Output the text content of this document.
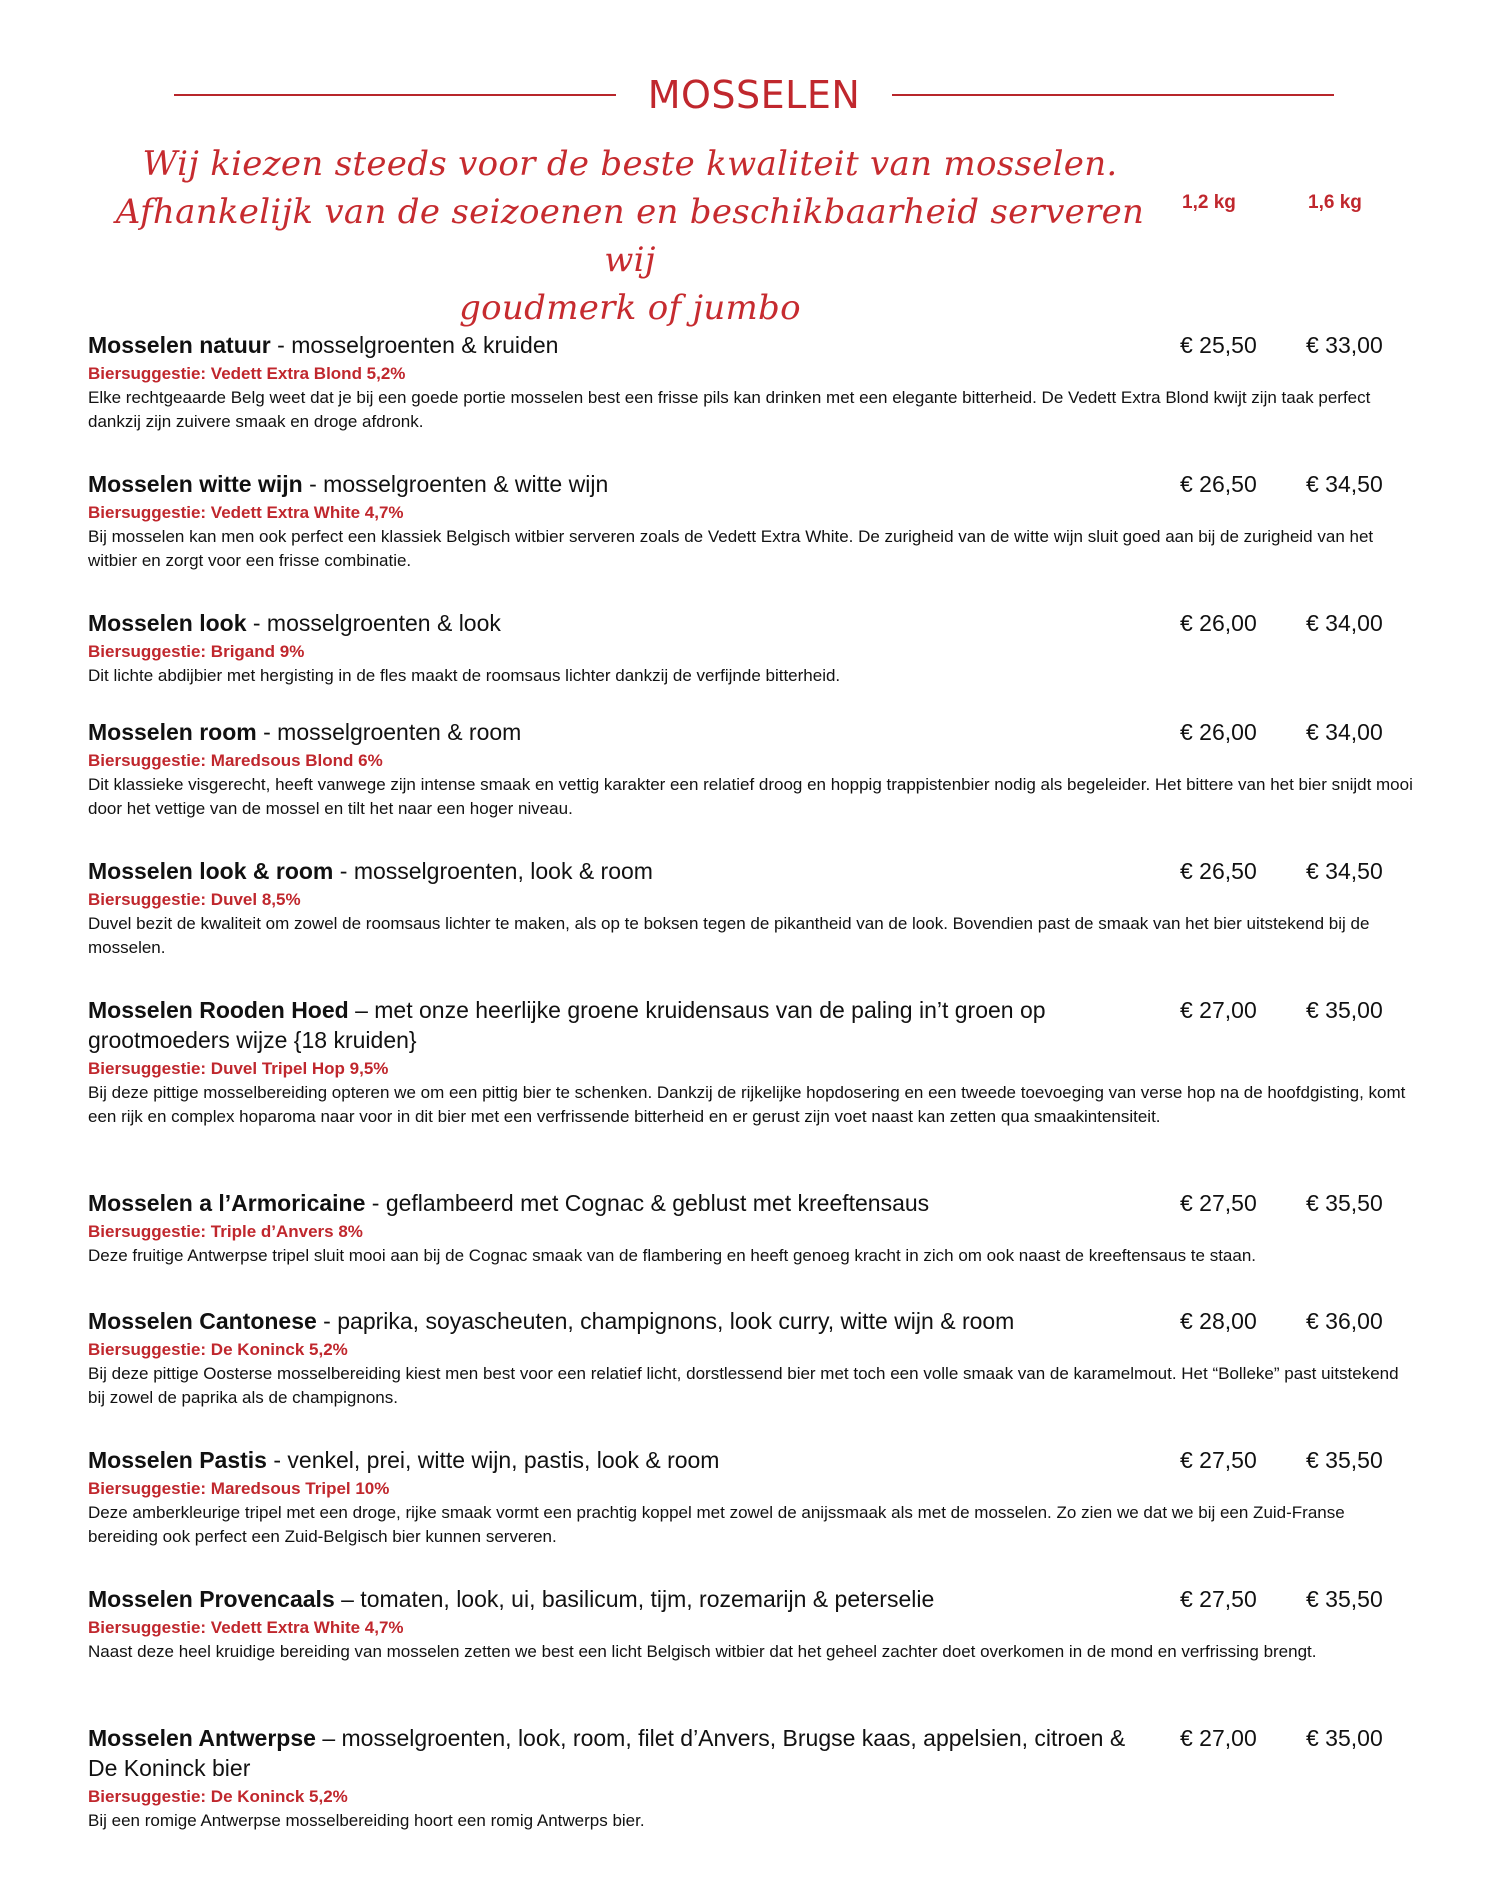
MOSSELEN
Wij kiezen steeds voor de beste kwaliteit van mosselen.
Afhankelijk van de seizoenen en beschikbaarheid serveren wij
goudmerk of jumbo
1,2 kg	1,6 kg
Mosselen natuur - mosselgroenten & kruiden	€ 25,50 € 33,00
Biersuggestie: Vedett Extra Blond 5,2%
Elke rechtgeaarde Belg weet dat je bij een goede portie mosselen best een frisse pils kan drinken met een elegante bitterheid. De Vedett Extra Blond kwijt zijn taak perfect dankzij zijn zuivere smaak en droge afdronk.
Mosselen witte wijn - mosselgroenten & witte wijn	€ 26,50 € 34,50
Biersuggestie: Vedett Extra White 4,7%
Bij mosselen kan men ook perfect een klassiek Belgisch witbier serveren zoals de Vedett Extra White. De zurigheid van de witte wijn sluit goed aan bij de zurigheid van het witbier en zorgt voor een frisse combinatie.
Mosselen look - mosselgroenten & look	€ 26,00 € 34,00
Biersuggestie: Brigand 9%
Dit lichte abdijbier met hergisting in de fles maakt de roomsaus lichter dankzij de verfijnde bitterheid.
Mosselen room - mosselgroenten & room	€ 26,00 € 34,00
Biersuggestie: Maredsous Blond 6%
Dit klassieke visgerecht, heeft vanwege zijn intense smaak en vettig karakter een relatief droog en hoppig trappistenbier nodig als begeleider. Het bittere van het bier snijdt mooi door het vettige van de mossel en tilt het naar een hoger niveau.
Mosselen look & room - mosselgroenten, look & room	€ 26,50 € 34,50
Biersuggestie: Duvel 8,5%
Duvel bezit de kwaliteit om zowel de roomsaus lichter te maken, als op te boksen tegen de pikantheid van de look. Bovendien past de smaak van het bier uitstekend bij de mosselen.
Mosselen Rooden Hoed – met onze heerlijke groene kruidensaus van de paling in’t groen op grootmoeders wijze {18 kruiden}
€ 27,00 € 35,00
Biersuggestie: Duvel Tripel Hop 9,5%
Bij deze pittige mosselbereiding opteren we om een pittig bier te schenken. Dankzij de rijkelijke hopdosering en een tweede toevoeging van verse hop na de hoofdgisting, komt een rijk en complex hoparoma naar voor in dit bier met een verfrissende bitterheid en er gerust zijn voet naast kan zetten qua smaakintensiteit.
Mosselen a l’Armoricaine - geflambeerd met Cognac & geblust met kreeftensaus	€ 27,50 € 35,50
Biersuggestie: Triple d’Anvers 8%
Deze fruitige Antwerpse tripel sluit mooi aan bij de Cognac smaak van de flambering en heeft genoeg kracht in zich om ook naast de kreeftensaus te staan.
Mosselen Cantonese - paprika, soyascheuten, champignons, look curry, witte wijn & room	€ 28,00 € 36,00
Biersuggestie: De Koninck 5,2%
Bij deze pittige Oosterse mosselbereiding kiest men best voor een relatief licht, dorstlessend bier met toch een volle smaak van de karamelmout. Het “Bolleke” past uitstekend bij zowel de paprika als de champignons.
Mosselen Pastis - venkel, prei, witte wijn, pastis, look & room	€ 27,50 € 35,50
Biersuggestie: Maredsous Tripel 10%
Deze amberkleurige tripel met een droge, rijke smaak vormt een prachtig koppel met zowel de anijssmaak als met de mosselen. Zo zien we dat we bij een Zuid-Franse bereiding ook perfect een Zuid-Belgisch bier kunnen serveren.
Mosselen Provencaals – tomaten, look, ui, basilicum, tijm, rozemarijn & peterselie	€ 27,50 € 35,50
Biersuggestie: Vedett Extra White 4,7%
Naast deze heel kruidige bereiding van mosselen zetten we best een licht Belgisch witbier dat het geheel zachter doet overkomen in de mond en verfrissing brengt.
Mosselen Antwerpse – mosselgroenten, look, room, filet d’Anvers, Brugse kaas, appelsien, citroen & De Koninck bier
€ 27,00 € 35,00
Biersuggestie: De Koninck 5,2%
Bij een romige Antwerpse mosselbereiding hoort een romig Antwerps bier.
